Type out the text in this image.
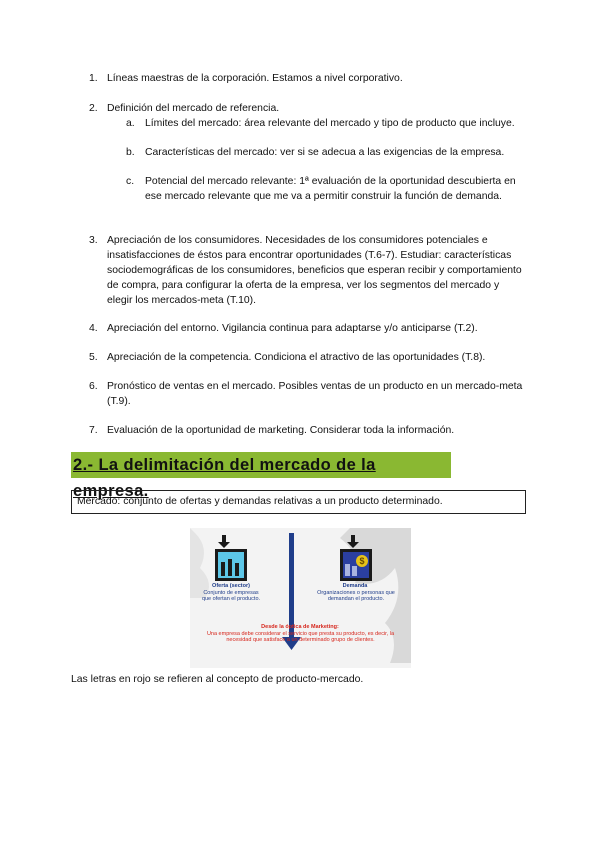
1. Líneas maestras de la corporación. Estamos a nivel corporativo.
2. Definición del mercado de referencia.
a. Límites del mercado: área relevante del mercado y tipo de producto que incluye.
b. Características del mercado: ver si se adecua a las exigencias de la empresa.
c. Potencial del mercado relevante: 1ª evaluación de la oportunidad descubierta en ese mercado relevante que me va a permitir construir la función de demanda.
3. Apreciación de los consumidores. Necesidades de los consumidores potenciales e insatisfacciones de éstos para encontrar oportunidades (T.6-7). Estudiar: características sociodemográficas de los consumidores, beneficios que esperan recibir y comportamiento de compra, para configurar la oferta de la empresa, ver los segmentos del mercado y elegir los mercados-meta (T.10).
4. Apreciación del entorno. Vigilancia continua para adaptarse y/o anticiparse (T.2).
5. Apreciación de la competencia. Condiciona el atractivo de las oportunidades (T.8).
6. Pronóstico de ventas en el mercado. Posibles ventas de un producto en un mercado-meta (T.9).
7. Evaluación de la oportunidad de marketing. Considerar toda la información.
2.- La delimitación del mercado de la empresa.
Mercado: conjunto de ofertas y demandas relativas a un producto determinado.
$
Oferta (sector)
Conjunto de empresas que ofertan el producto.
Demanda
Organizaciones o personas que demandan el producto.
Desde la óptica de Marketing:
Una empresa debe considerar el servicio que presta su producto, es decir, la necesidad que satisface a un determinado grupo de clientes.
Las letras en rojo se refieren al concepto de producto-mercado.
